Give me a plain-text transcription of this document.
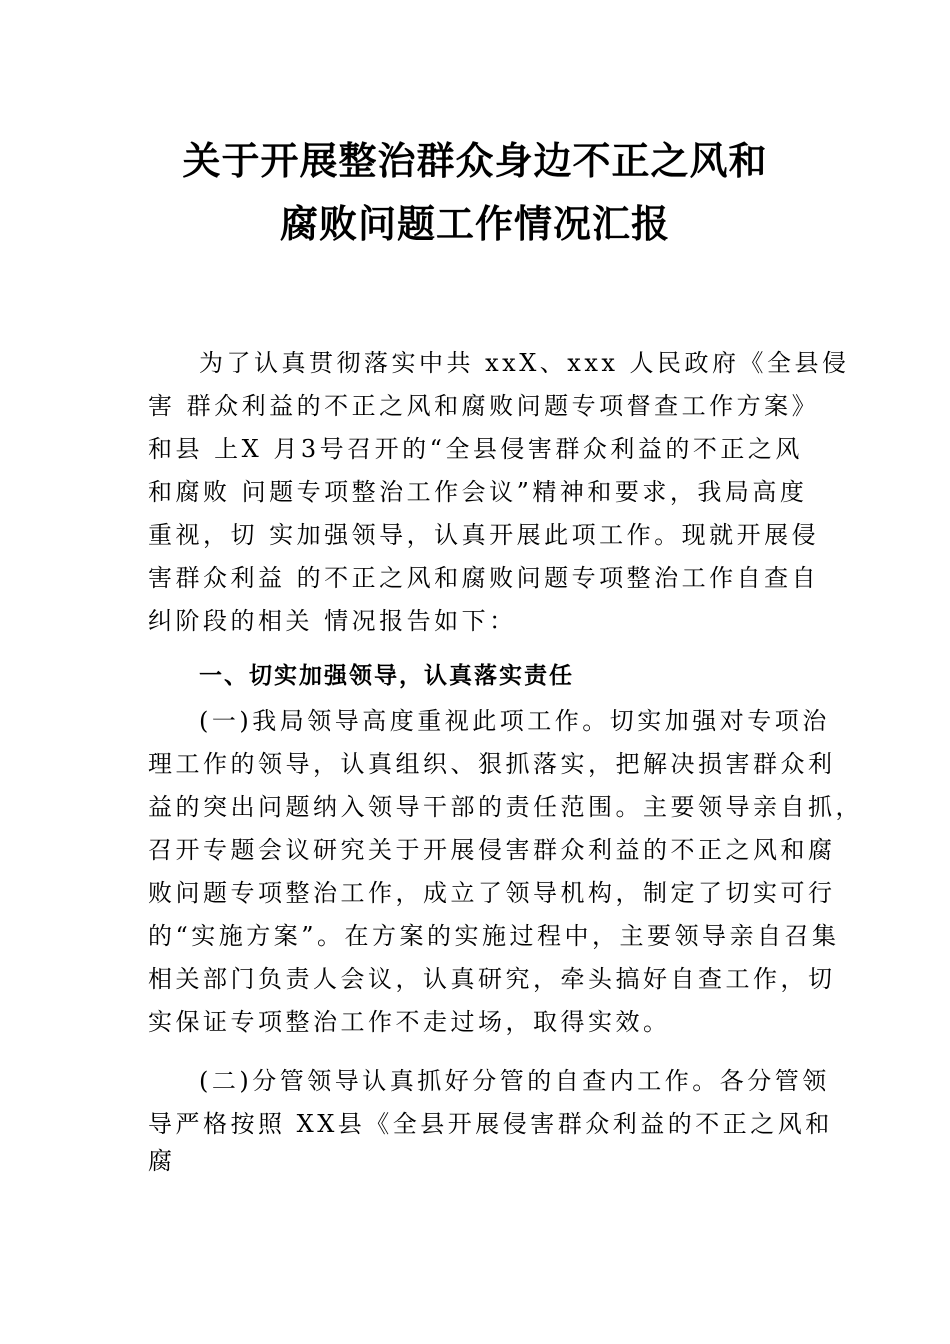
关于开展整治群众身边不正之风和
腐败问题工作情况汇报
为了认真贯彻落实中共 xxX、xxx 人民政府《全县侵
害 群众利益的不正之风和腐败问题专项督查工作方案》
和县 上X 月3号召开的“全县侵害群众利益的不正之风
和腐败 问题专项整治工作会议”精神和要求，我局高度
重视，切 实加强领导，认真开展此项工作。现就开展侵
害群众利益 的不正之风和腐败问题专项整治工作自查自
纠阶段的相关 情况报告如下：
一、切实加强领导，认真落实责任
(一)我局领导高度重视此项工作。切实加强对专项治
理工作的领导，认真组织、狠抓落实，把解决损害群众利
益的突出问题纳入领导干部的责任范围。主要领导亲自抓，
召开专题会议研究关于开展侵害群众利益的不正之风和腐
败问题专项整治工作，成立了领导机构，制定了切实可行
的“实施方案”。在方案的实施过程中，主要领导亲自召集
相关部门负责人会议，认真研究，牵头搞好自查工作，切
实保证专项整治工作不走过场，取得实效。
(二)分管领导认真抓好分管的自查内工作。各分管领
导严格按照 XX县《全县开展侵害群众利益的不正之风和
腐
